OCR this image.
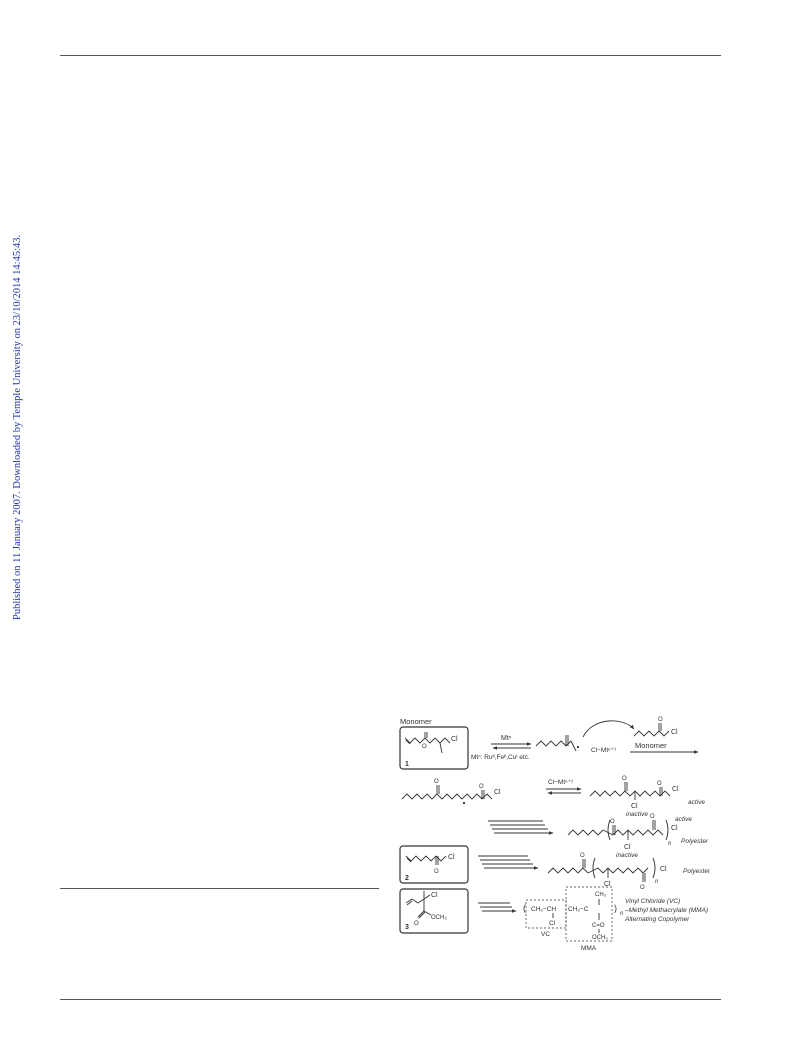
Published on 11 January 2007. Downloaded by Temple University on 23/10/2014 14:45:43.
Monomer
O
Cl
1
Mtⁿ
Mtⁿ: Ruᴵᴵ,Feᴵᴵ,Cuᴵ etc.
Cl−Mtⁿ⁺¹
O
Cl
Monomer
O
O
Cl
Cl−Mtⁿ⁺¹	O
Cl
inactive
O
Cl
active
O
Cl
inactive
O
n
Cl
active
Polyester
O
Cl
2
O
Cl	O
n
Cl	Polyester
Cl
O
OCH₃
3
( CH₂−CH CH₂−C
CH₃
C=O
OCH₃
Cl
)
n
VC
MMA
Vinyl Chloride (VC)
–Methyl Methacrylate (MMA)
Alternating Copolymer
